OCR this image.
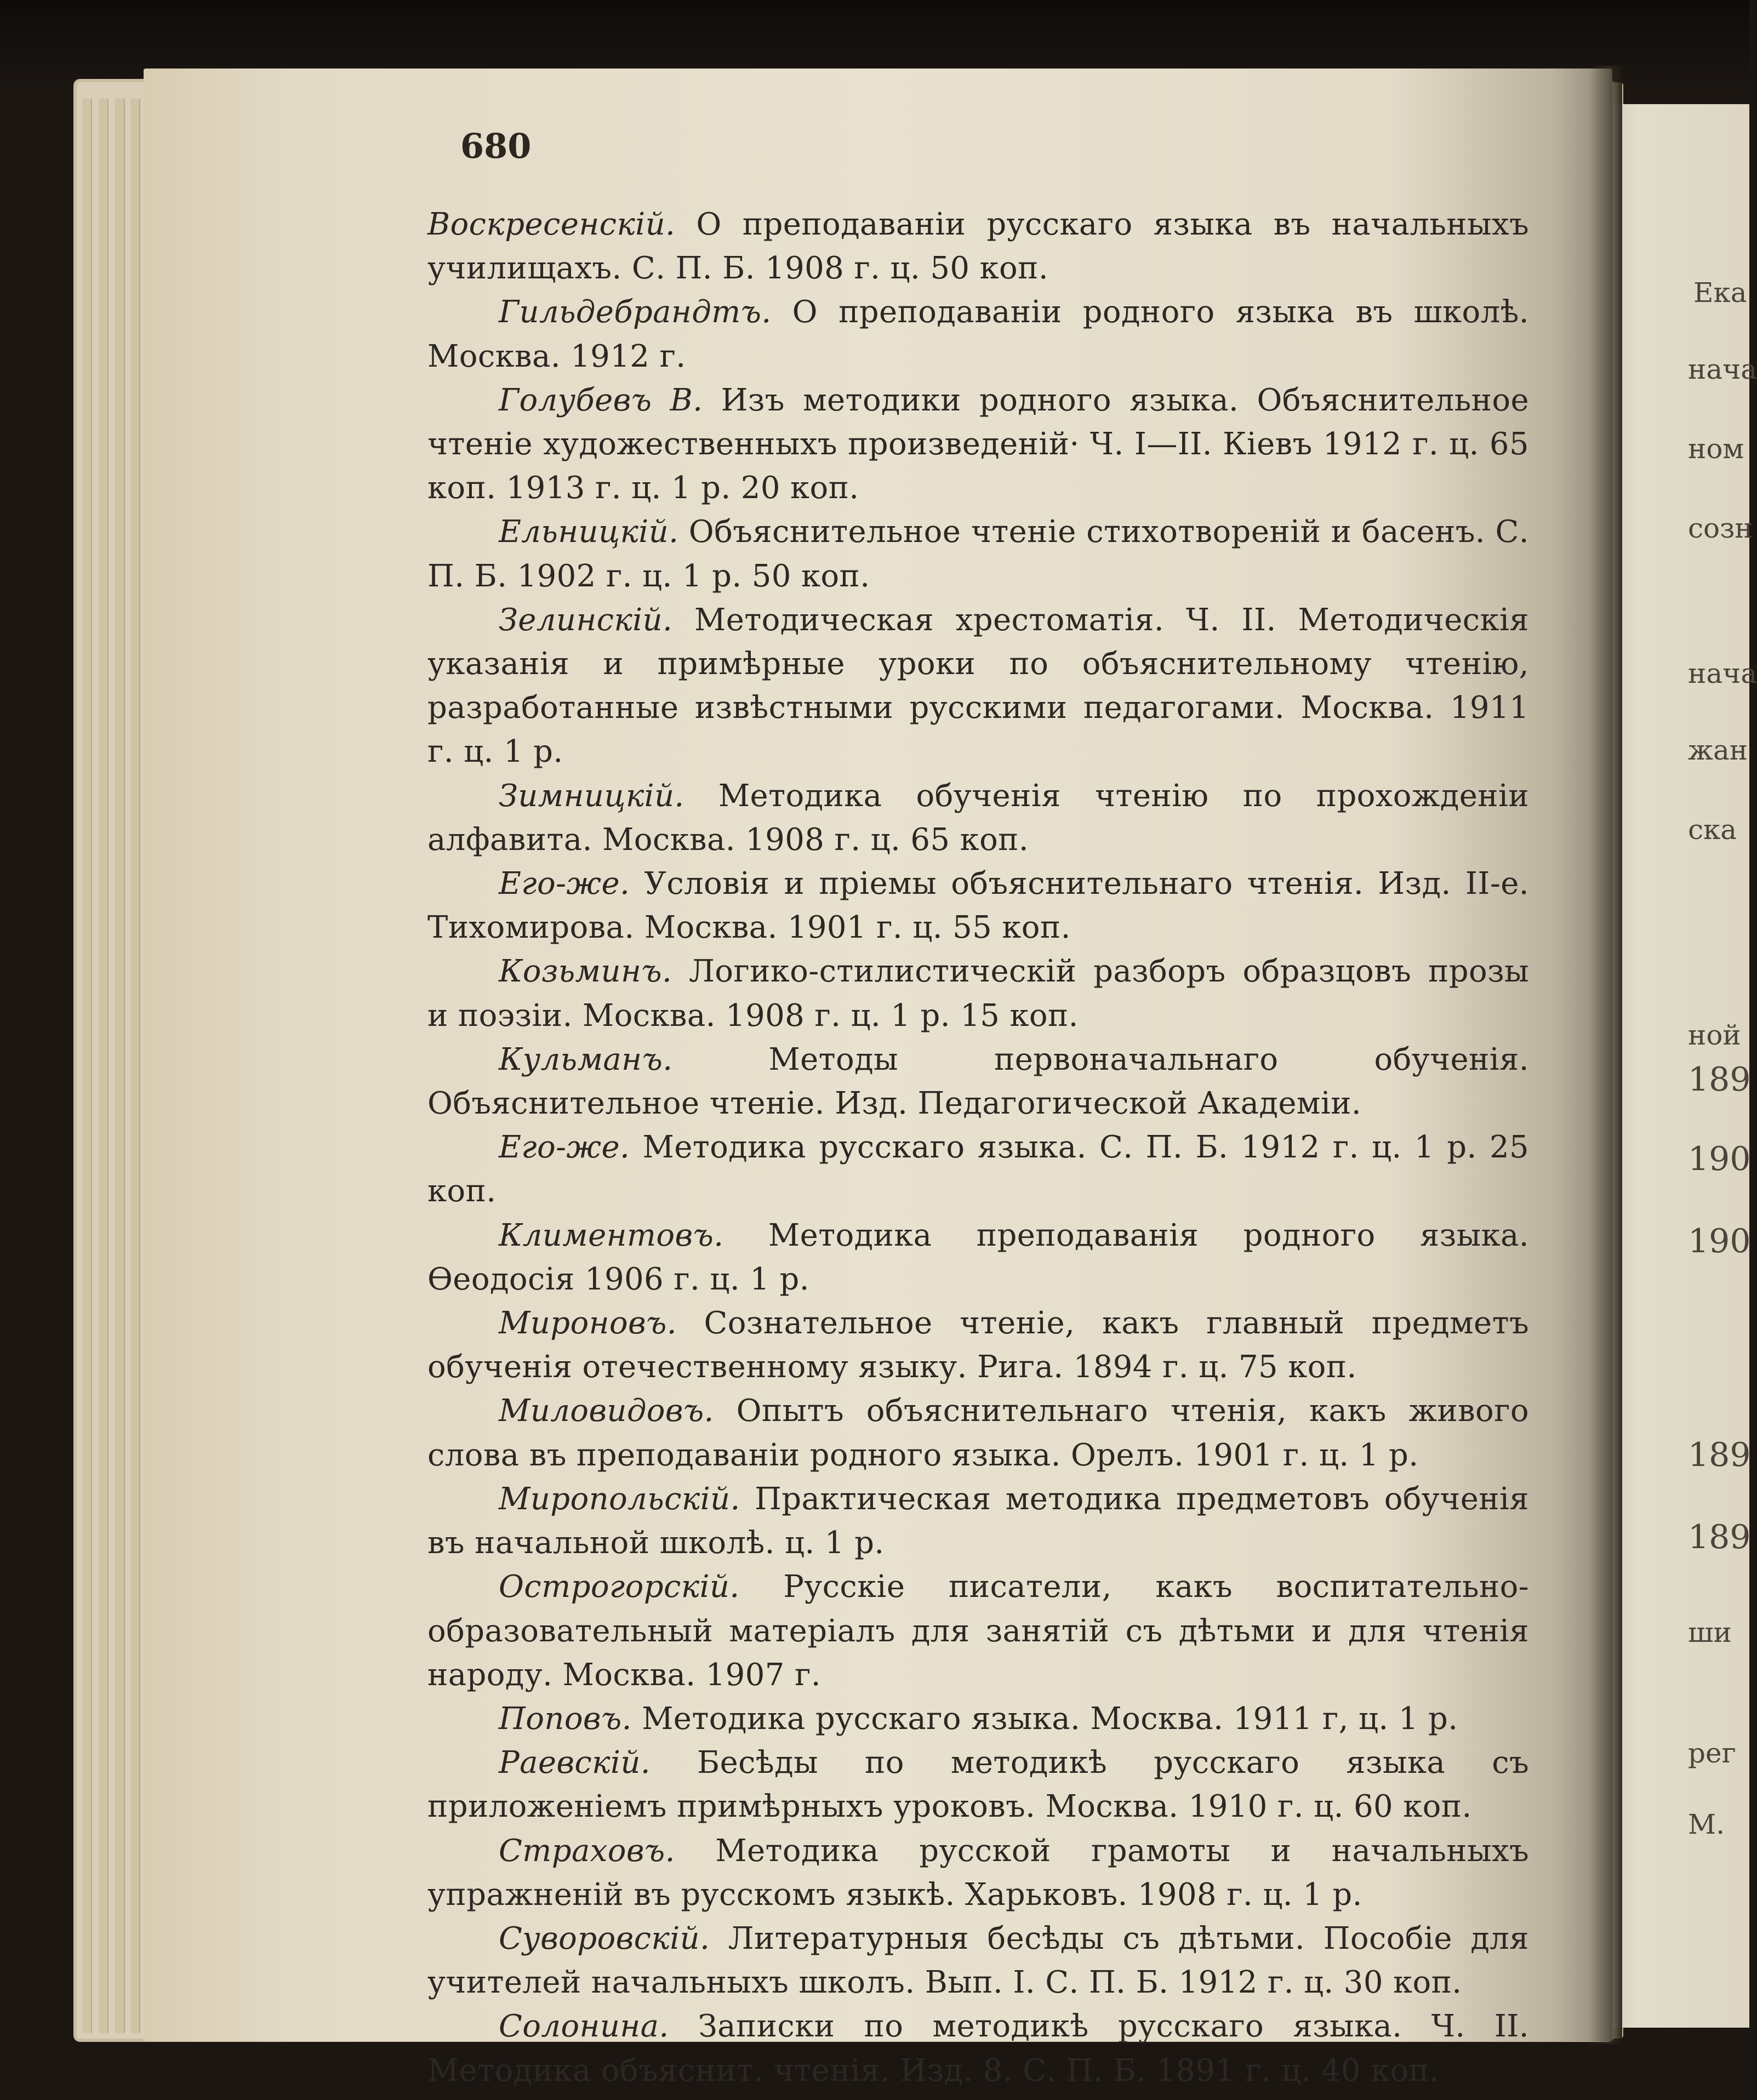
Ека
нача
ном
созн
нача
жан
ска
ной
189
190
190
189
189
ши
рег
М.
680

Воскресенскій. О преподаваніи русскаго языка въ начальныхъ училищахъ. С. П. Б. 1908 г. ц. 50 коп.

Гильдебрандтъ. О преподаваніи родного языка въ школѣ. Москва. 1912 г.

Голубевъ В. Изъ методики родного языка. Объяснительное чтеніе художественныхъ произведеній· Ч. I—II. Кіевъ 1912 г. ц. 65 коп. 1913 г. ц. 1 р. 20 коп.

Ельницкій. Объяснительное чтеніе стихотвореній и басенъ. С. П. Б. 1902 г. ц. 1 р. 50 коп.

Зелинскій. Методическая хрестоматія. Ч. II. Методическія указанія и примѣрные уроки по объяснительному чтенію, разработанные извѣстными русскими педагогами. Москва. 1911 г. ц. 1 р.

Зимницкій. Методика обученія чтенію по прохожденіи алфавита. Москва. 1908 г. ц. 65 коп.

Его-же. Условія и пріемы объяснительнаго чтенія. Изд. II-е. Тихомирова. Москва. 1901 г. ц. 55 коп.

Козьминъ. Логико-стилистическій разборъ образцовъ прозы и поэзіи. Москва. 1908 г. ц. 1 р. 15 коп.

Кульманъ.	Методы первоначальнаго обученія. Объяснительное чтеніе. Изд. Педагогической Академіи.

Его-же. Методика русскаго языка. С. П. Б. 1912 г. ц. 1 р. 25 коп.

Климентовъ. Методика преподаванія родного языка. Ѳеодосія 1906 г. ц. 1 р.

Мироновъ. Сознательное чтеніе, какъ главный предметъ обученія отечественному языку. Рига. 1894 г. ц. 75 коп.

Миловидовъ. Опытъ объяснительнаго чтенія, какъ живого слова въ преподаваніи родного языка. Орелъ. 1901 г. ц. 1 р.

Миропольскій. Практическая методика предметовъ обученія въ начальной школѣ. ц. 1 р.

Острогорскій. Русскіе писатели, какъ воспитательно-образовательный матеріалъ для занятій съ дѣтьми и для чтенія народу. Москва. 1907 г.

Поповъ. Методика русскаго языка. Москва. 1911 г, ц. 1 р.

Раевскій. Бесѣды по методикѣ русскаго языка съ приложеніемъ примѣрныхъ уроковъ. Москва. 1910 г. ц. 60 коп.

Страховъ. Методика русской грамоты и начальныхъ упражненій въ русскомъ языкѣ. Харьковъ. 1908 г. ц. 1 р.

Суворовскій. Литературныя бесѣды съ дѣтьми. Пособіе для учителей начальныхъ школъ. Вып. I. С. П. Б. 1912 г. ц. 30 коп.

Солонина. Записки по методикѣ русскаго языка. Ч. II. Методика объяснит. чтенія. Изд. 8. С. П. Б. 1891 г. ц. 40 коп.
